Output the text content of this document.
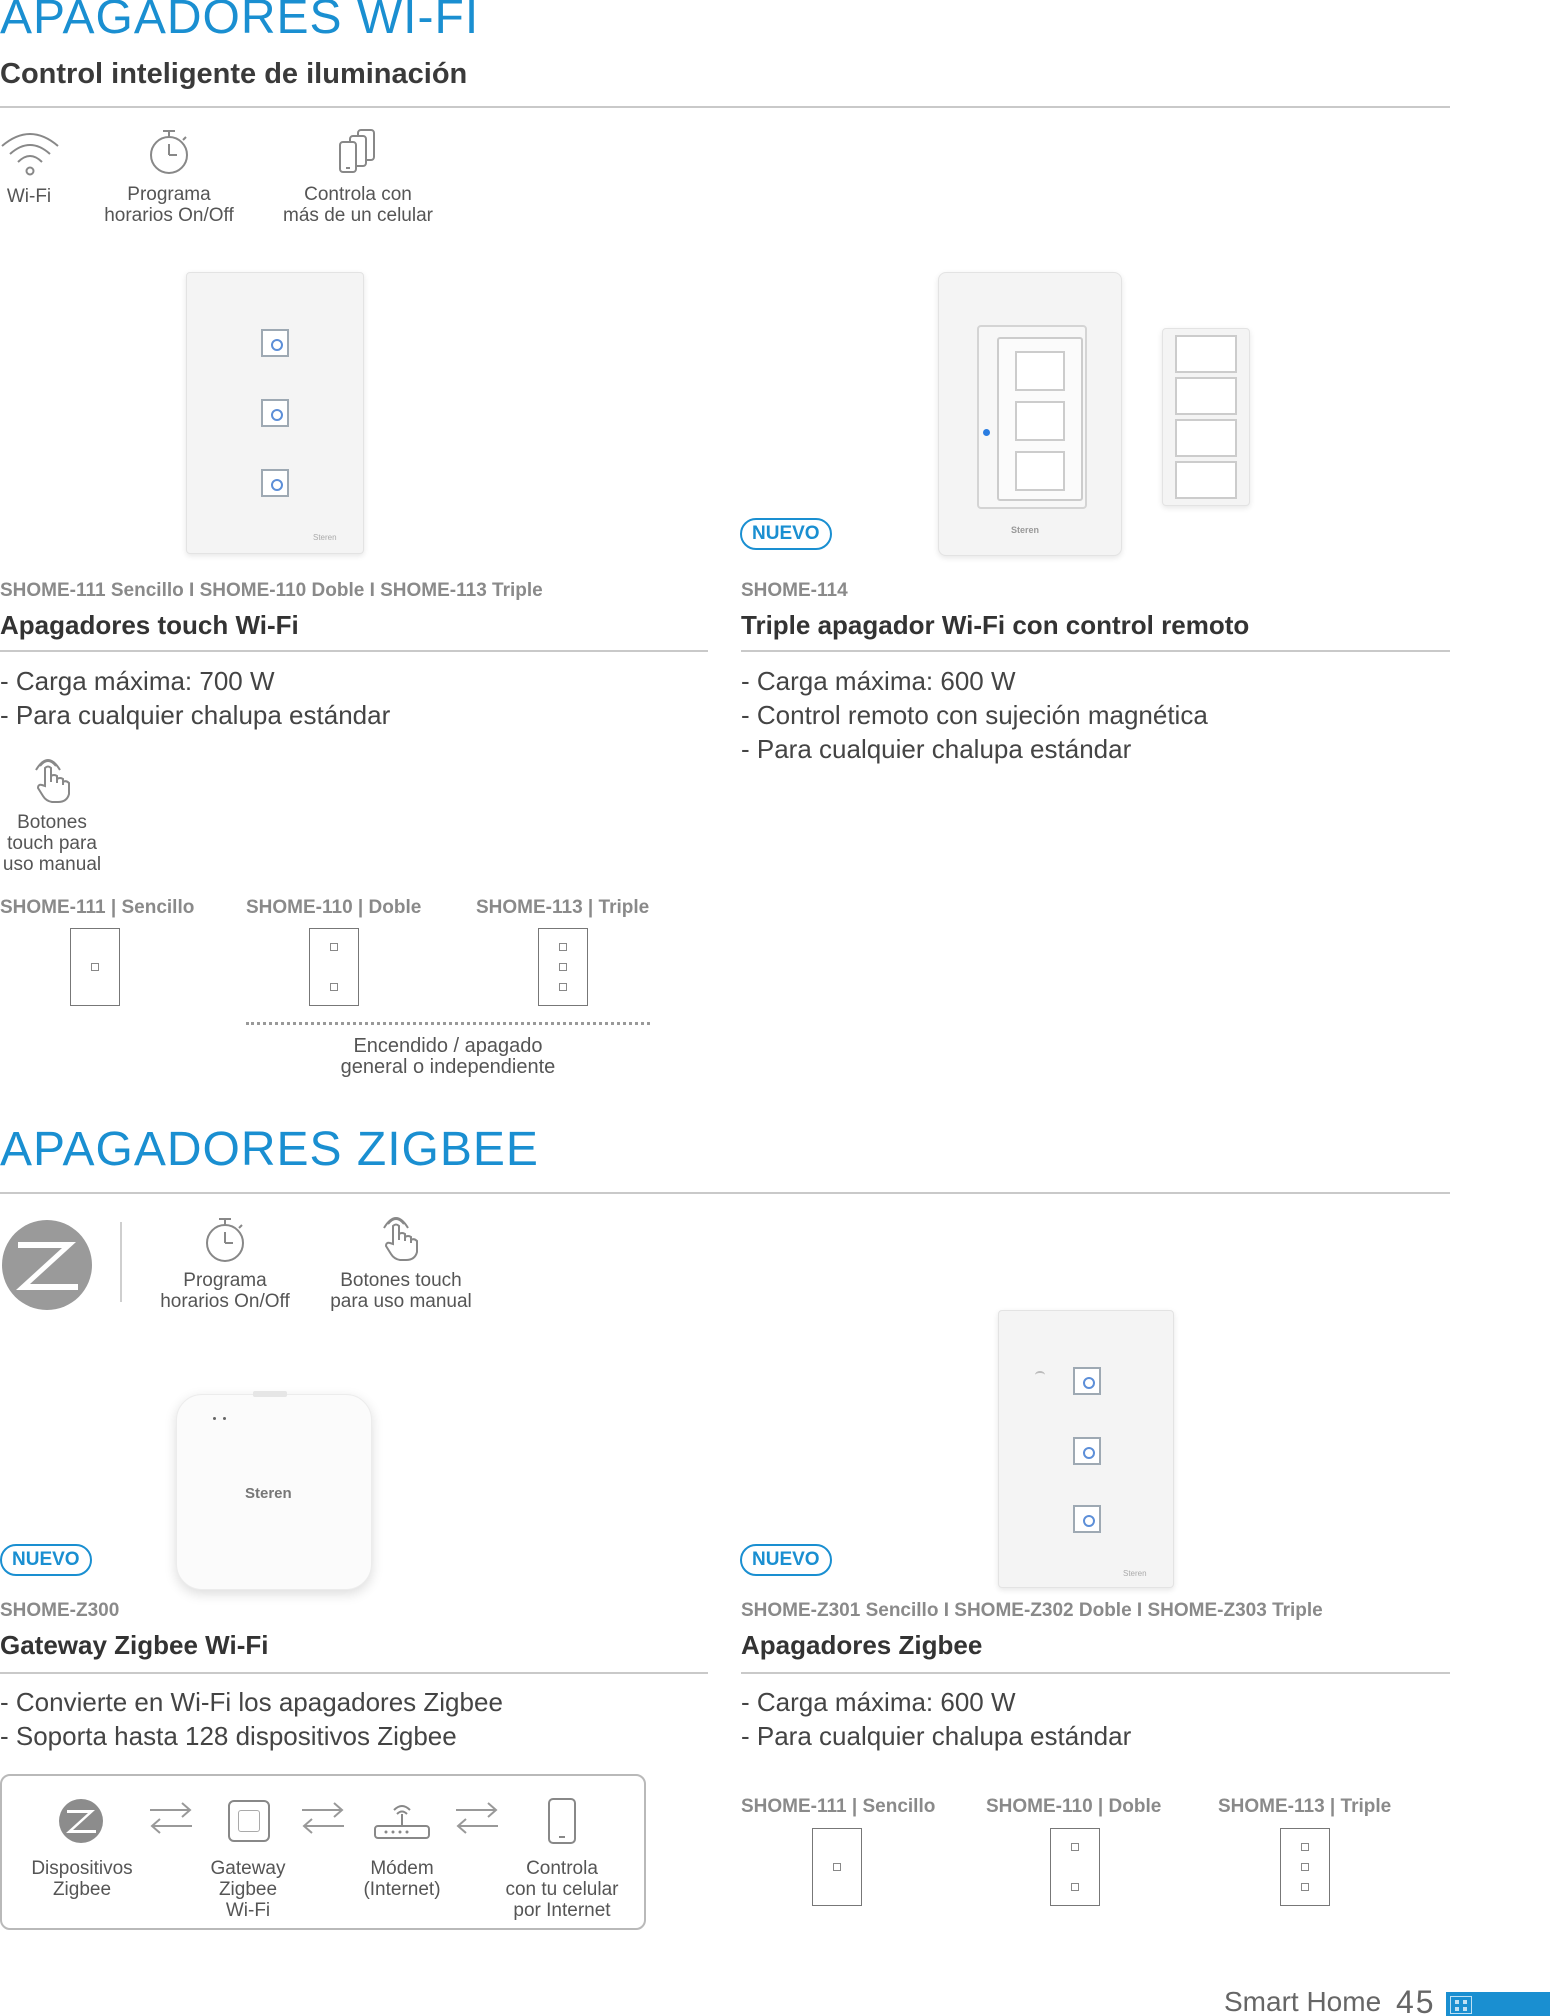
APAGADORES WI-FI
Control inteligente de iluminación
Wi-Fi	Programa
horarios On/Off
Controla con
más de un celular
Steren
Steren
NUEVO
SHOME-111 Sencillo I SHOME-110 Doble I SHOME-113 Triple
Apagadores touch Wi-Fi
- Carga máxima: 700 W
- Para cualquier chalupa estándar
SHOME-114
Triple apagador Wi-Fi con control remoto
- Carga máxima: 600 W
- Control remoto con sujeción magnética
- Para cualquier chalupa estándar
Botones
touch para
uso manual
SHOME-111 | Sencillo	SHOME-110 | Doble	SHOME-113 | Triple
Encendido / apagado
general o independiente
APAGADORES ZIGBEE
Programa
horarios On/Off
Botones touch
para uso manual
Steren
Steren
NUEVO	NUEVO
SHOME-Z300
Gateway Zigbee Wi-Fi
- Convierte en Wi-Fi los apagadores Zigbee
- Soporta hasta 128 dispositivos Zigbee
SHOME-Z301 Sencillo I SHOME-Z302 Doble I SHOME-Z303 Triple
Apagadores Zigbee
- Carga máxima: 600 W
- Para cualquier chalupa estándar
Dispositivos
Zigbee
Gateway
Zigbee
Wi-Fi
Módem
(Internet)
Controla
con tu celular
por Internet
SHOME-111 | Sencillo	SHOME-110 | Doble	SHOME-113 | Triple
Smart Home 45
